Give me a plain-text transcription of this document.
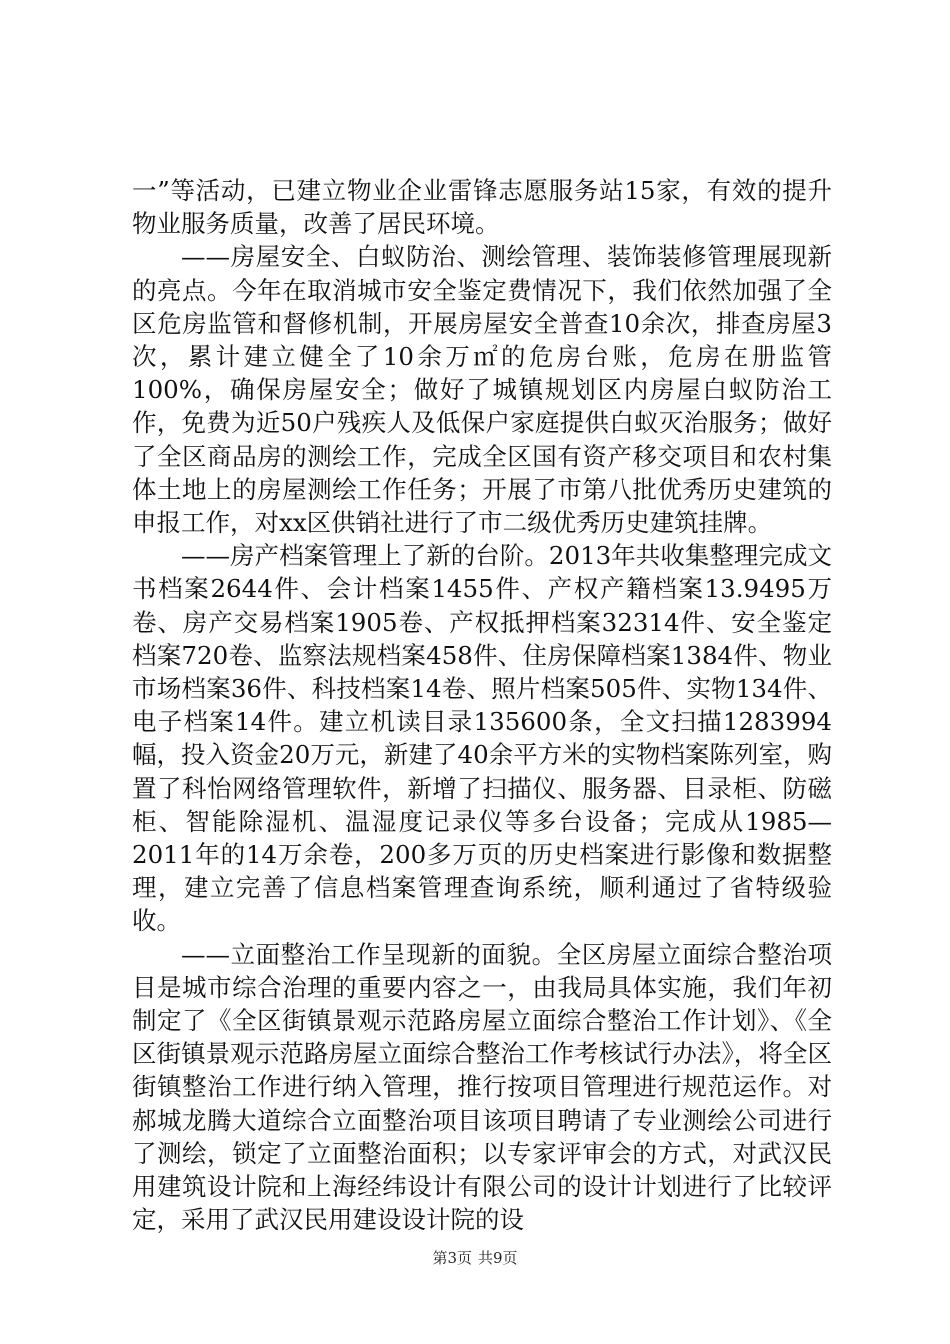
一”等活动，已建立物业企业雷锋志愿服务站15家，有效的提升物业服务质量，改善了居民环境。

——房屋安全、白蚁防治、测绘管理、装饰装修管理展现新的亮点。今年在取消城市安全鉴定费情况下，我们依然加强了全区危房监管和督修机制，开展房屋安全普查10余次，排查房屋3次，累计建立健全了10余万㎡的危房台账，危房在册监管100%，确保房屋安全；做好了城镇规划区内房屋白蚁防治工作，免费为近50户残疾人及低保户家庭提供白蚁灭治服务；做好了全区商品房的测绘工作，完成全区国有资产移交项目和农村集体土地上的房屋测绘工作任务；开展了市第八批优秀历史建筑的申报工作，对xx区供销社进行了市二级优秀历史建筑挂牌。

——房产档案管理上了新的台阶。2013年共收集整理完成文书档案2644件、会计档案1455件、产权产籍档案13.9495万卷、房产交易档案1905卷、产权抵押档案32314件、安全鉴定档案720卷、监察法规档案458件、住房保障档案1384件、物业市场档案36件、科技档案14卷、照片档案505件、实物134件、电子档案14件。建立机读目录135600条，全文扫描1283994幅，投入资金20万元，新建了40余平方米的实物档案陈列室，购置了科怡网络管理软件，新增了扫描仪、服务器、目录柜、防磁柜、智能除湿机、温湿度记录仪等多台设备；完成从1985—2011年的14万余卷，200多万页的历史档案进行影像和数据整理，建立完善了信息档案管理查询系统，顺利通过了省特级验收。

——立面整治工作呈现新的面貌。全区房屋立面综合整治项目是城市综合治理的重要内容之一，由我局具体实施，我们年初制定了《全区街镇景观示范路房屋立面综合整治工作计划》、《全区街镇景观示范路房屋立面综合整治工作考核试行办法》，将全区街镇整治工作进行纳入管理，推行按项目管理进行规范运作。对郝城龙腾大道综合立面整治项目该项目聘请了专业测绘公司进行了测绘，锁定了立面整治面积；以专家评审会的方式，对武汉民用建筑设计院和上海经纬设计有限公司的设计计划进行了比较评定，采用了武汉民用建设设计院的设

第3页 共9页
